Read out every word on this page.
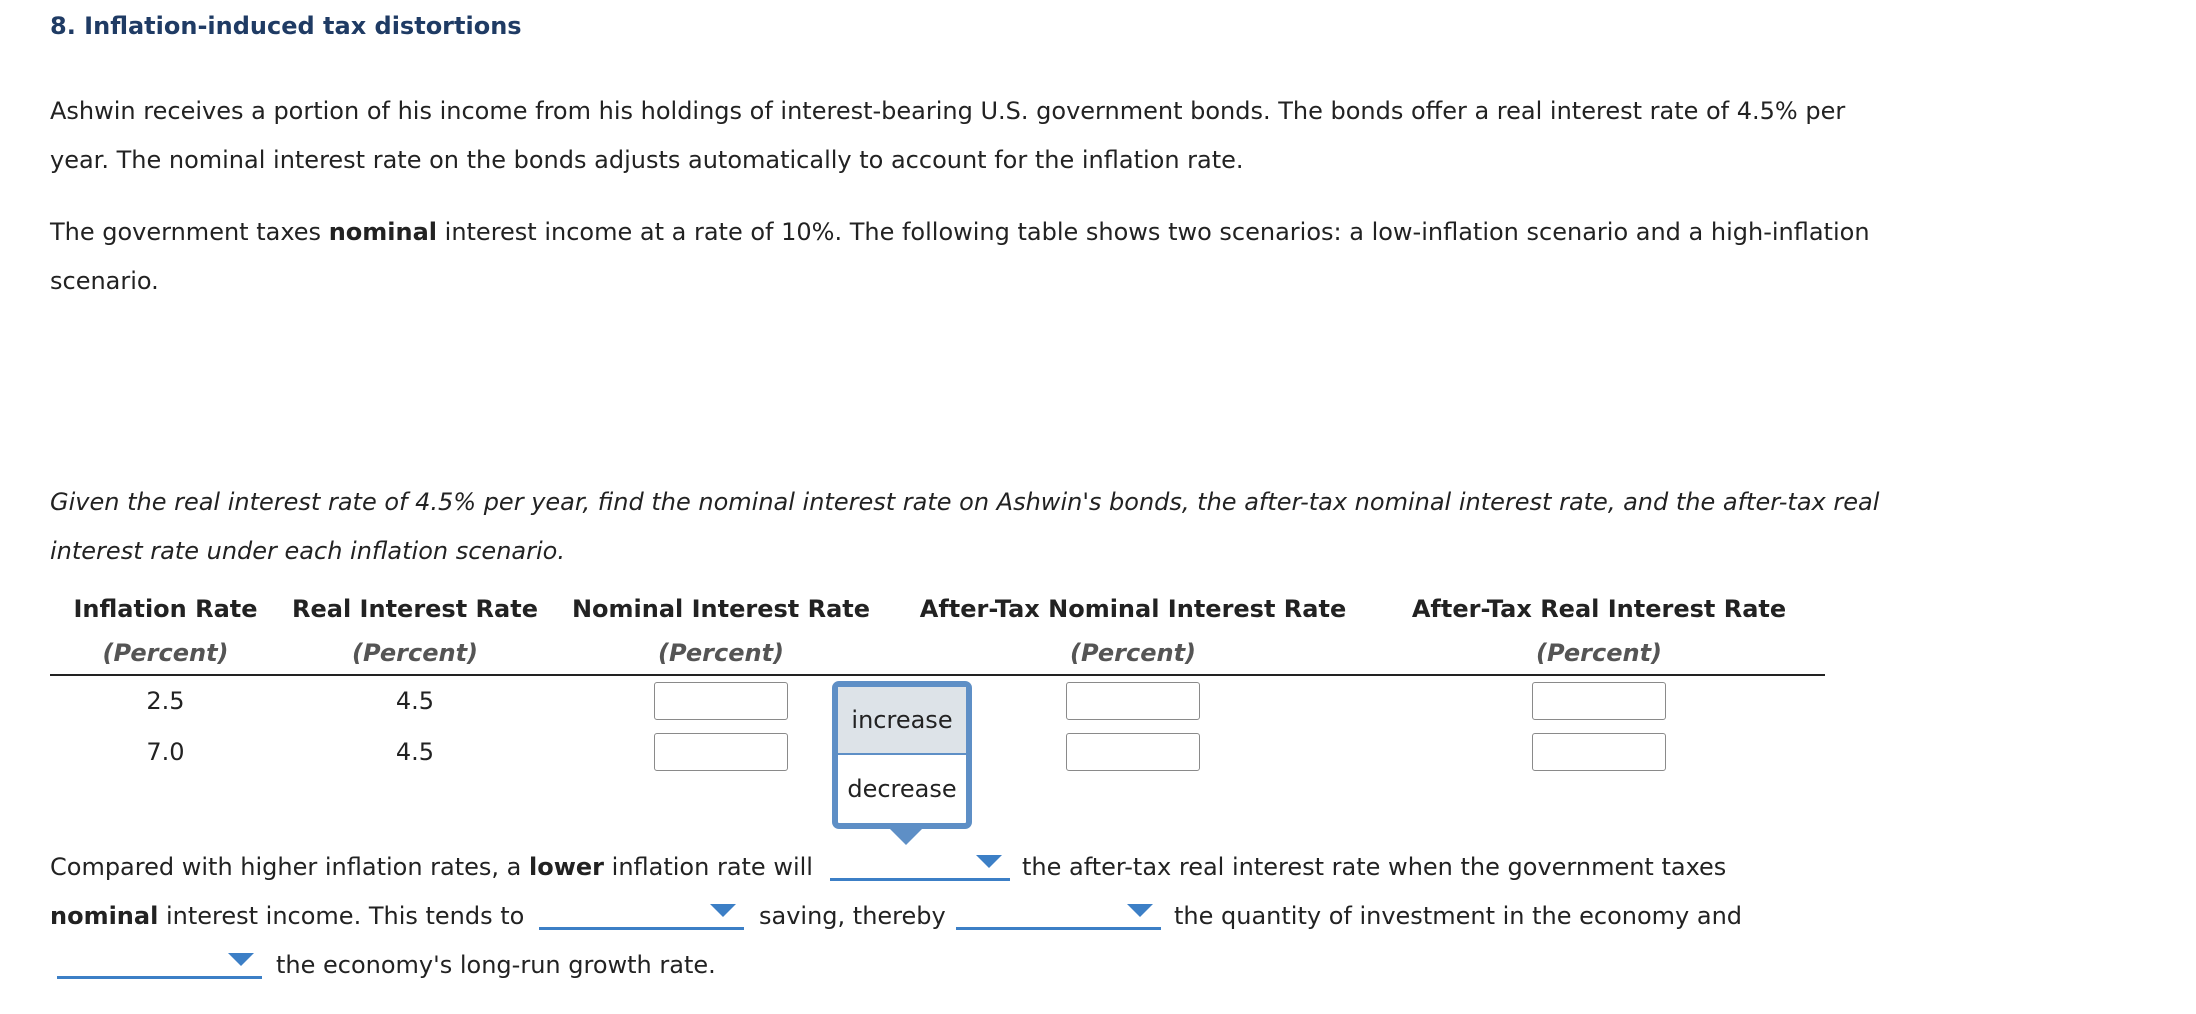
8. Inflation-induced tax distortions

Ashwin receives a portion of his income from his holdings of interest-bearing U.S. government bonds. The bonds offer a real interest rate of 4.5% per year. The nominal interest rate on the bonds adjusts automatically to account for the inflation rate.

The government taxes nominal interest income at a rate of 10%. The following table shows two scenarios: a low-inflation scenario and a high-inflation scenario.

Given the real interest rate of 4.5% per year, find the nominal interest rate on Ashwin's bonds, the after-tax nominal interest rate, and the after-tax real interest rate under each inflation scenario.

Inflation Rate	Real Interest Rate	Nominal Interest Rate	After-Tax Nominal Interest Rate	After-Tax Real Interest Rate
(Percent)	(Percent)	(Percent)	(Percent)	(Percent)
2.5	4.5			
7.0	4.5			

Compared with higher inflation rates, a lower inflation rate will	the after-tax real interest rate when the government taxes

nominal interest income. This tends to	saving, thereby	the quantity of investment in the economy and

the economy's long-run growth rate.

increase
decrease
